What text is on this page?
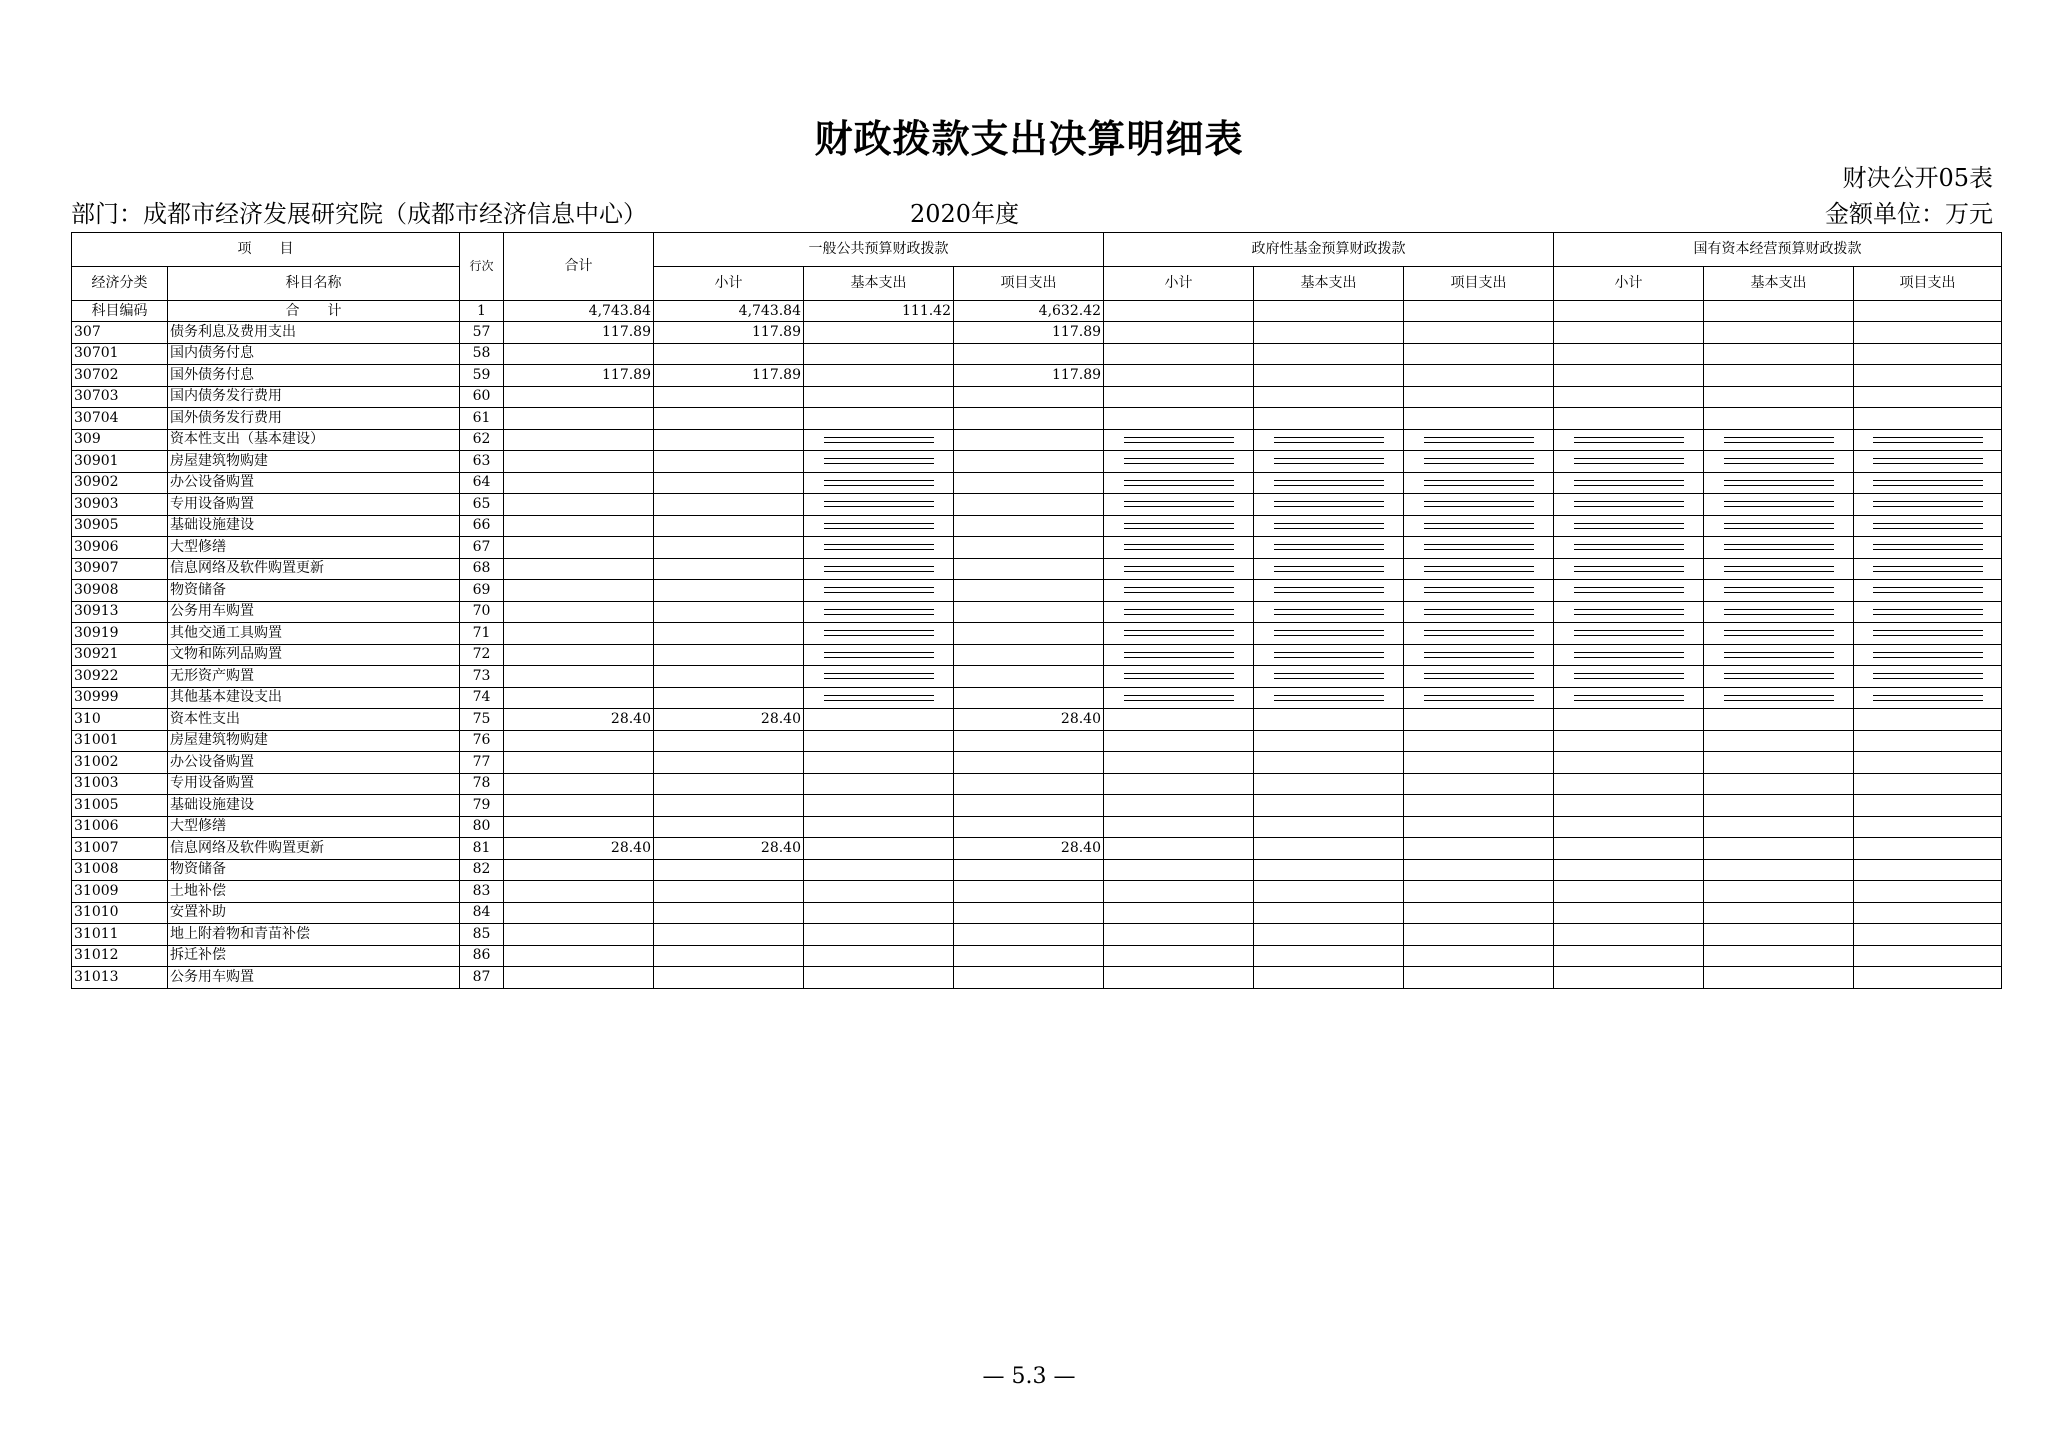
财政拨款支出决算明细表
财决公开05表
部门：成都市经济发展研究院（成都市经济信息中心）	2020年度	金额单位：万元
项　　目		行次	合计	一般公共预算财政拨款			政府性基金预算财政拨款			国有资本经营预算财政拨款		
经济分类	科目名称			小计	基本支出	项目支出	小计	基本支出	项目支出	小计	基本支出	项目支出
科目编码	合　　计	1	4,743.84	4,743.84	111.42	4,632.42						
307	债务利息及费用支出	57	117.89	117.89		117.89						
30701	国内债务付息	58										
30702	国外债务付息	59	117.89	117.89		117.89						
30703	国内债务发行费用	60										
30704	国外债务发行费用	61										
309	资本性支出（基本建设）	62			

30901	房屋建筑物购建	63			

30902	办公设备购置	64			

30903	专用设备购置	65			

30905	基础设施建设	66			

30906	大型修缮	67			

30907	信息网络及软件购置更新	68			

30908	物资储备	69			

30913	公务用车购置	70			

30919	其他交通工具购置	71			

30921	文物和陈列品购置	72			

30922	无形资产购置	73			

30999	其他基本建设支出	74			

310	资本性支出	75	28.40	28.40		28.40						
31001	房屋建筑物购建	76										
31002	办公设备购置	77										
31003	专用设备购置	78										
31005	基础设施建设	79										
31006	大型修缮	80										
31007	信息网络及软件购置更新	81	28.40	28.40		28.40						
31008	物资储备	82										
31009	土地补偿	83										
31010	安置补助	84										
31011	地上附着物和青苗补偿	85										
31012	拆迁补偿	86										
31013	公务用车购置	87										
— 5.3 —
